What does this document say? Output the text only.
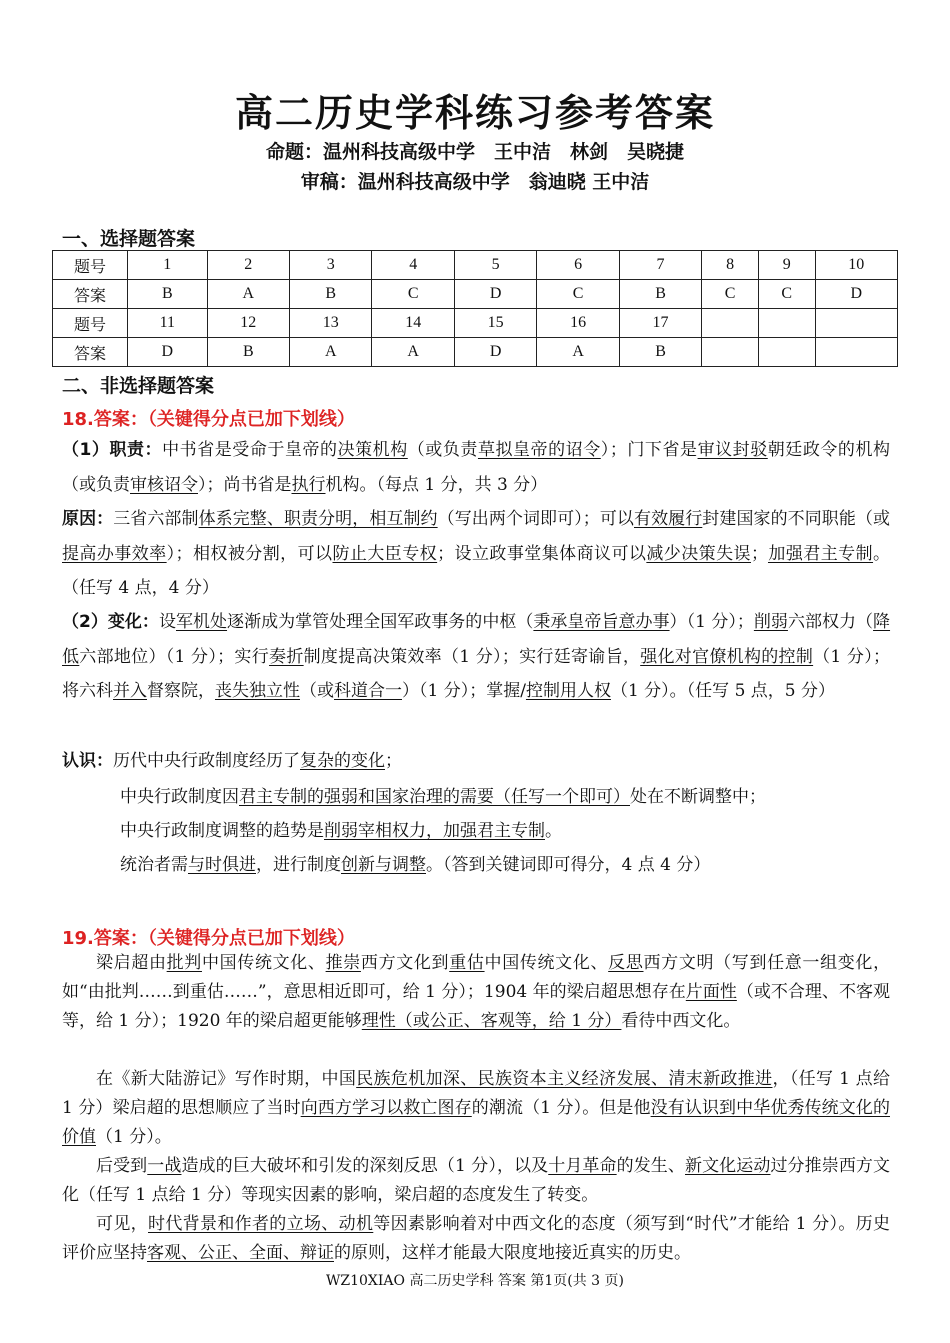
高二历史学科练习参考答案
命题：温州科技高级中学　王中洁　林剑　吴晓捷
审稿：温州科技高级中学　翁迪晓 王中洁
一、选择题答案
题号	1	2	3	4	5	6	7	8	9	10
答案	B	A	B	C	D	C	B	C	C	D
题号	11	12	13	14	15	16	17			
答案	D	B	A	A	D	A	B			
二、非选择题答案
18.答案：（关键得分点已加下划线）
（1）职责：中书省是受命于皇帝的决策机构（或负责草拟皇帝的诏令）；门下省是审议封驳朝廷政令的机构（或负责审核诏令）；尚书省是执行机构。（每点 1 分，共 3 分）
原因：三省六部制体系完整、职责分明，相互制约（写出两个词即可）；可以有效履行封建国家的不同职能（或提高办事效率）；相权被分割，可以防止大臣专权；设立政事堂集体商议可以减少决策失误；加强君主专制。（任写 4 点，4 分）
（2）变化：设军机处逐渐成为掌管处理全国军政事务的中枢（秉承皇帝旨意办事）（1 分）；削弱六部权力（降低六部地位）（1 分）；实行奏折制度提高决策效率（1 分）；实行廷寄谕旨，强化对官僚机构的控制（1 分）；将六科并入督察院，丧失独立性（或科道合一）（1 分）；掌握/控制用人权（1 分）。（任写 5 点，5 分）
认识：历代中央行政制度经历了复杂的变化；
中央行政制度因君主专制的强弱和国家治理的需要（任写一个即可）处在不断调整中；
中央行政制度调整的趋势是削弱宰相权力，加强君主专制。
统治者需与时俱进，进行制度创新与调整。（答到关键词即可得分，4 点 4 分）
19.答案：（关键得分点已加下划线）
梁启超由批判中国传统文化、推崇西方文化到重估中国传统文化、反思西方文明（写到任意一组变化，如“由批判……到重估……”，意思相近即可，给 1 分）；1904 年的梁启超思想存在片面性（或不合理、不客观等，给 1 分）；1920 年的梁启超更能够理性（或公正、客观等，给 1 分）看待中西文化。
在《新大陆游记》写作时期，中国民族危机加深、民族资本主义经济发展、清末新政推进，（任写 1 点给 1 分）梁启超的思想顺应了当时向西方学习以救亡图存的潮流（1 分）。但是他没有认识到中华优秀传统文化的价值（1 分）。
后受到一战造成的巨大破坏和引发的深刻反思（1 分），以及十月革命的发生、新文化运动过分推崇西方文化（任写 1 点给 1 分）等现实因素的影响，梁启超的态度发生了转变。
可见，时代背景和作者的立场、动机等因素影响着对中西文化的态度（须写到“时代”才能给 1 分）。历史评价应坚持客观、公正、全面、辩证的原则，这样才能最大限度地接近真实的历史。
WZ10XIAO 高二历史学科 答案 第1页(共 3 页)
